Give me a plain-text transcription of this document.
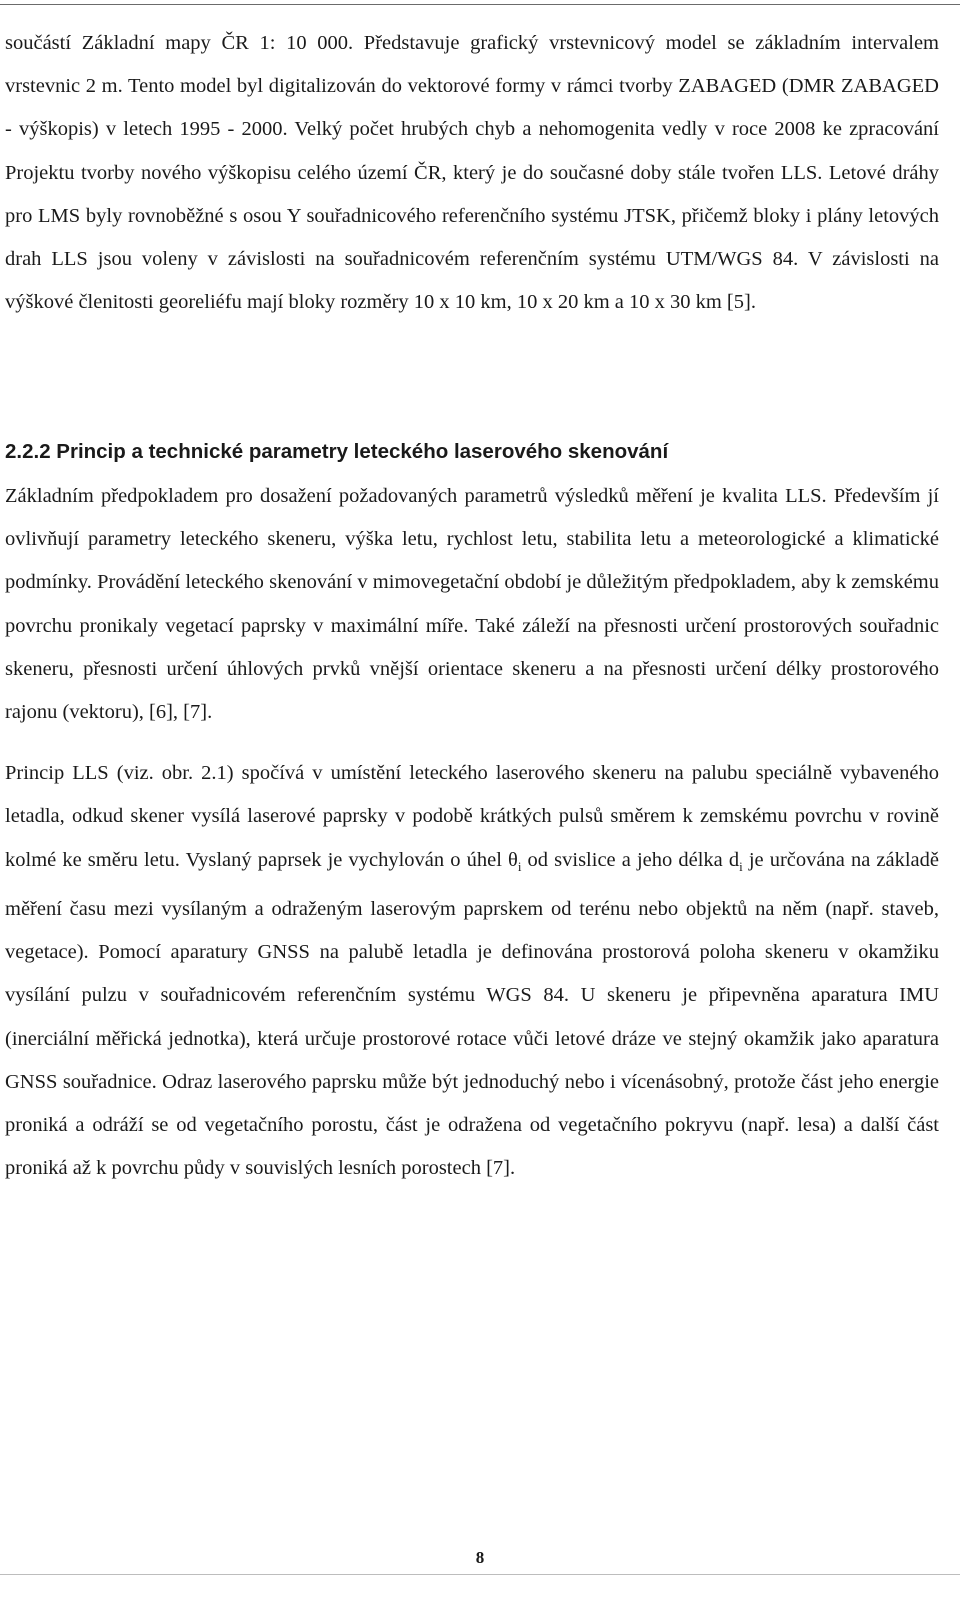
součástí Základní mapy ČR 1: 10 000. Představuje grafický vrstevnicový model se základním intervalem vrstevnic 2 m. Tento model byl digitalizován do vektorové formy v rámci tvorby ZABAGED (DMR ZABAGED - výškopis) v letech 1995 - 2000. Velký počet hrubých chyb a nehomogenita vedly v roce 2008 ke zpracování Projektu tvorby nového výškopisu celého území ČR, který je do současné doby stále tvořen LLS. Letové dráhy pro LMS byly rovnoběžné s osou Y souřadnicového referenčního systému JTSK, přičemž bloky i plány letových drah LLS jsou voleny v závislosti na souřadnicovém referenčním systému UTM/WGS 84. V závislosti na výškové členitosti georeliéfu mají bloky rozměry 10 x 10 km, 10 x 20 km a 10 x 30 km [5].

2.2.2 Princip a technické parametry leteckého laserového skenování

Základním předpokladem pro dosažení požadovaných parametrů výsledků měření je kvalita LLS. Především jí ovlivňují parametry leteckého skeneru, výška letu, rychlost letu, stabilita letu a meteorologické a klimatické podmínky. Provádění leteckého skenování v mimovegetační období je důležitým předpokladem, aby k zemskému povrchu pronikaly vegetací paprsky v maximální míře. Také záleží na přesnosti určení prostorových souřadnic skeneru, přesnosti určení úhlových prvků vnější orientace skeneru a na přesnosti určení délky prostorového rajonu (vektoru), [6], [7].

Princip LLS (viz. obr. 2.1) spočívá v umístění leteckého laserového skeneru na palubu speciálně vybaveného letadla, odkud skener vysílá laserové paprsky v podobě krátkých pulsů směrem k zemskému povrchu v rovině kolmé ke směru letu. Vyslaný paprsek je vychylován o úhel $\theta_i$ od svislice a jeho délka $d_i$ je určována na základě měření času mezi vysílaným a odraženým laserovým paprskem od terénu nebo objektů na něm (např. staveb, vegetace). Pomocí aparatury GNSS na palubě letadla je definována prostorová poloha skeneru v okamžiku vysílání pulzu v souřadnicovém referenčním systému WGS 84. U skeneru je připevněna aparatura IMU (inerciální měřická jednotka), která určuje prostorové rotace vůči letové dráze ve stejný okamžik jako aparatura GNSS souřadnice. Odraz laserového paprsku může být jednoduchý nebo i vícenásobný, protože část jeho energie proniká a odráží se od vegetačního porostu, část je odražena od vegetačního pokryvu (např. lesa) a další část proniká až k povrchu půdy v souvislých lesních porostech [7].

8
